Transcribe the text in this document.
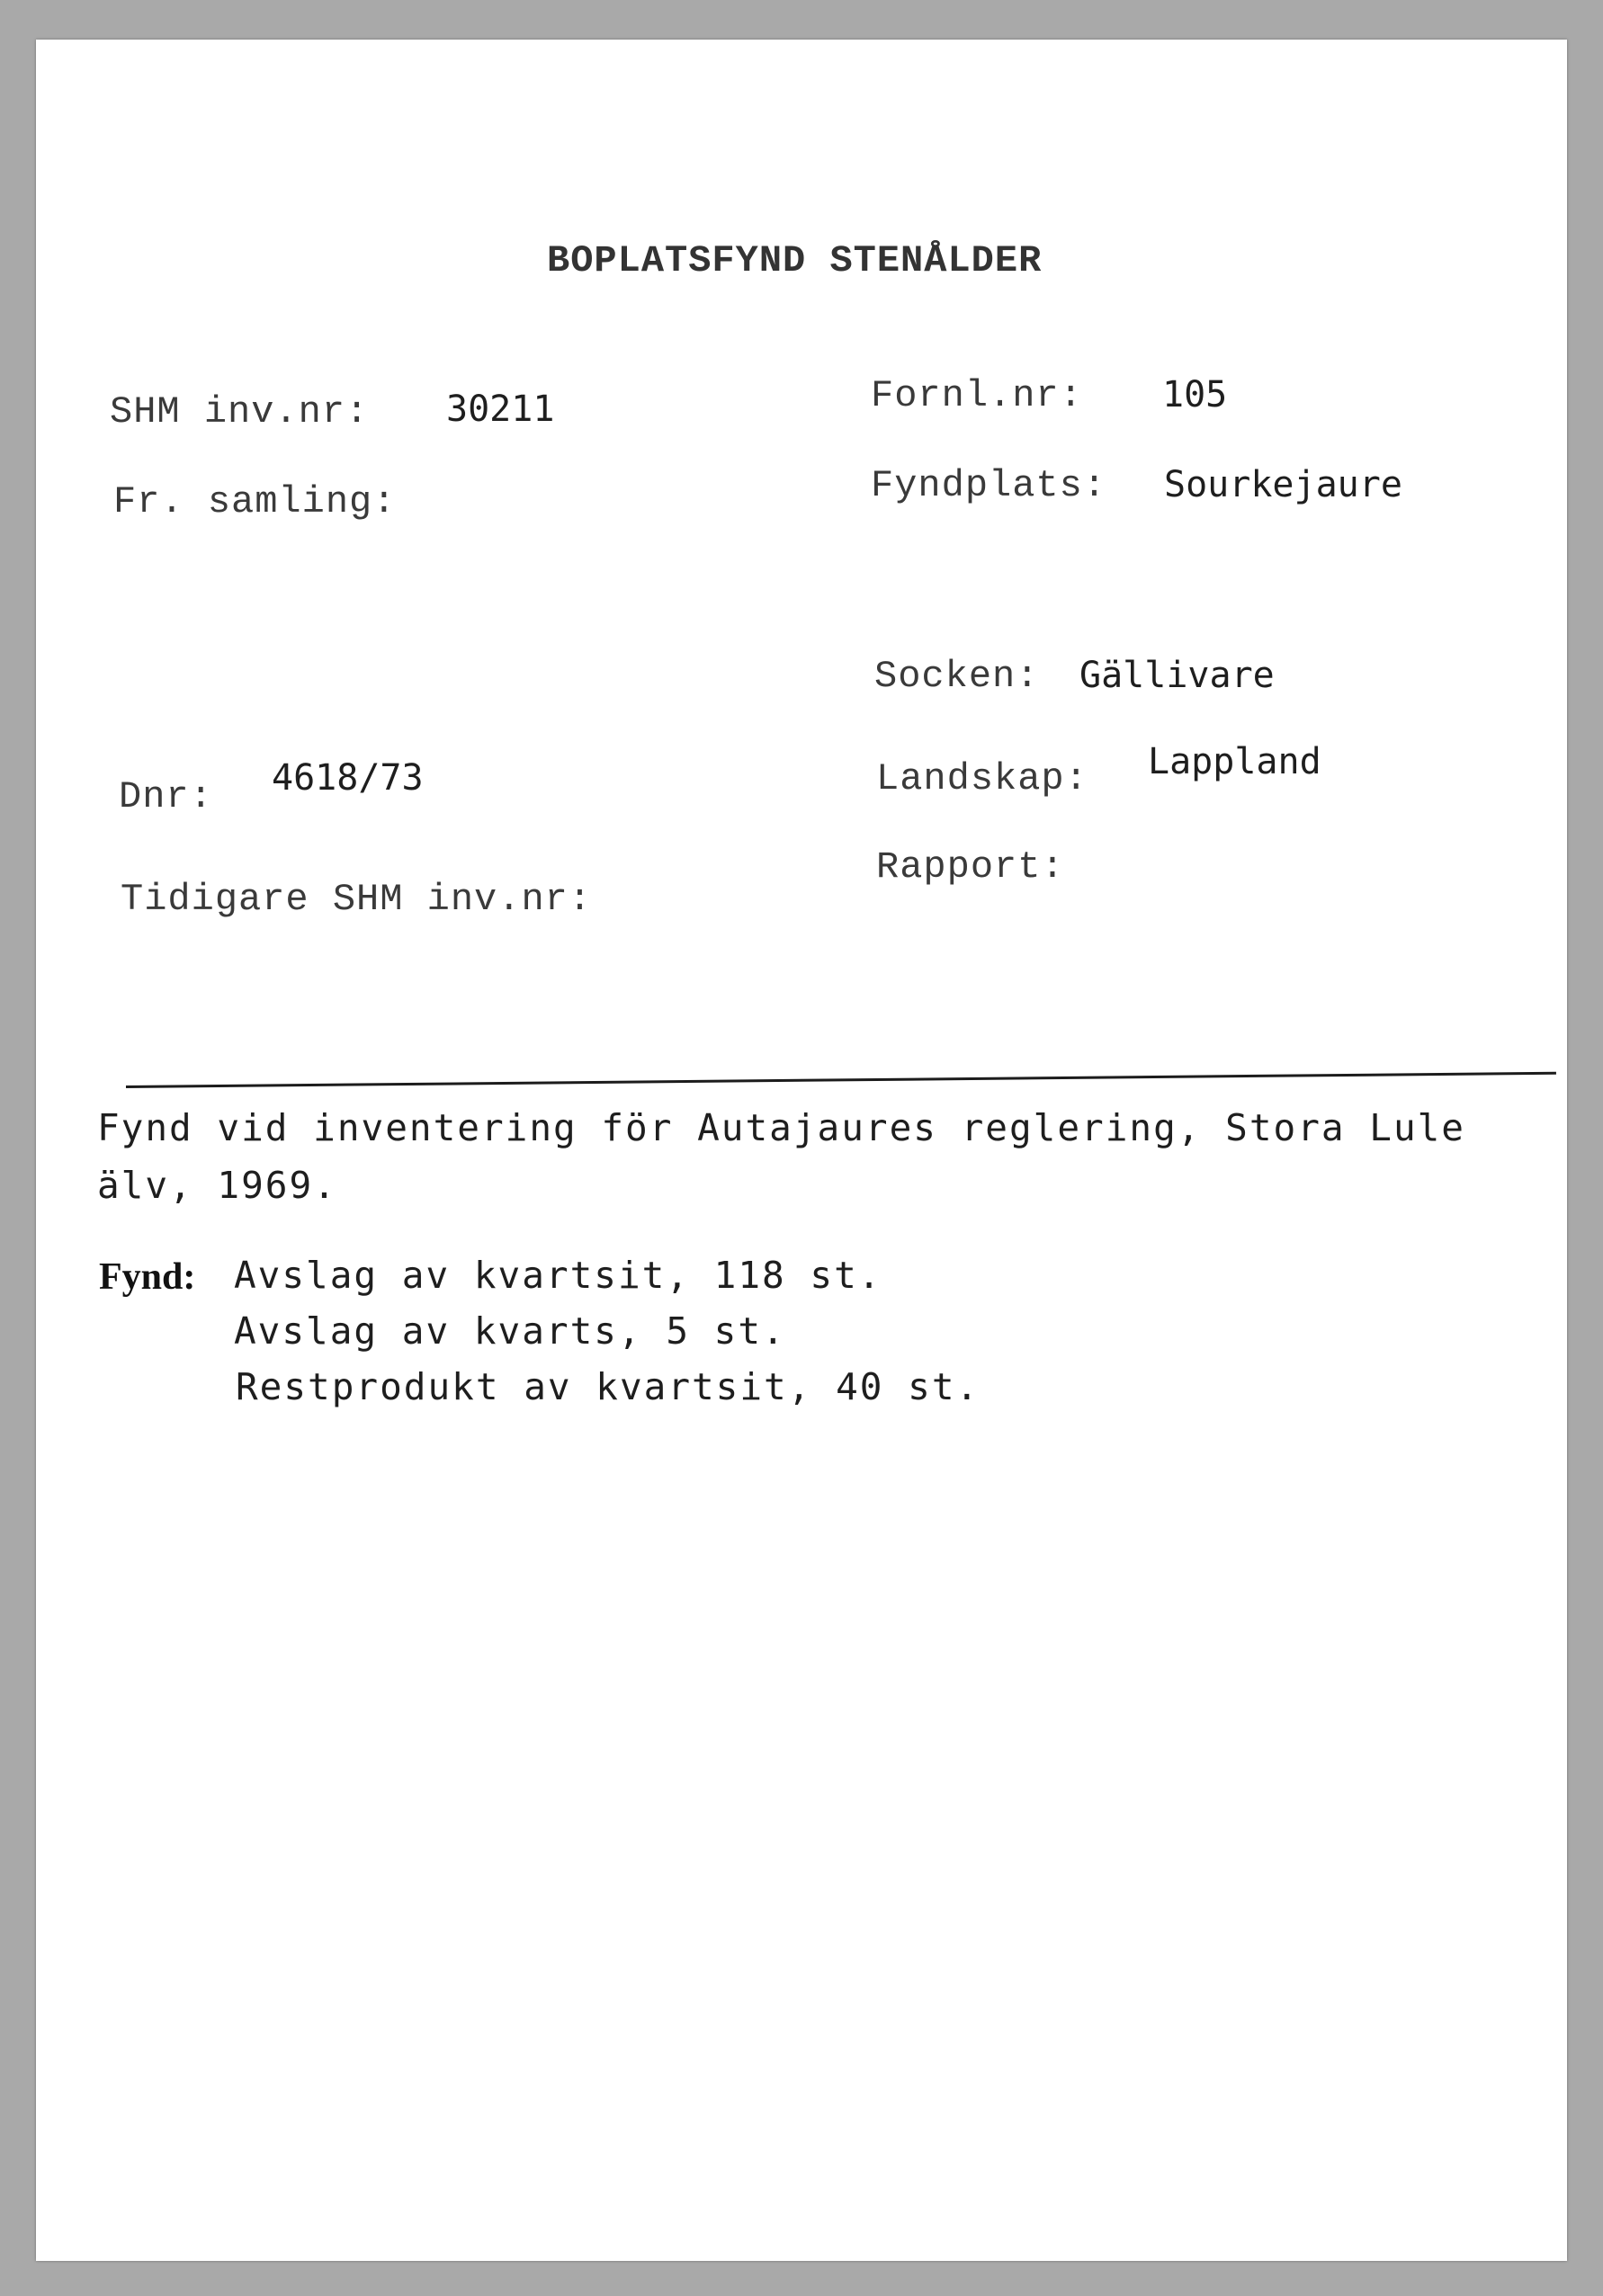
BOPLATSFYND STENÅLDER
SHM inv.nr: 30211
Fr. samling:
Dnr: 4618/73
Tidigare SHM inv.nr:
Fornl.nr: 105
Fyndplats: Sourkejaure
Socken: Gällivare
Landskap: Lappland
Rapport:
Fynd vid inventering för Autajaures reglering, Stora Lule
älv, 1969.
Fynd: Avslag av kvartsit, 118 st.
Avslag av kvarts, 5 st.
Restprodukt av kvartsit, 40 st.
